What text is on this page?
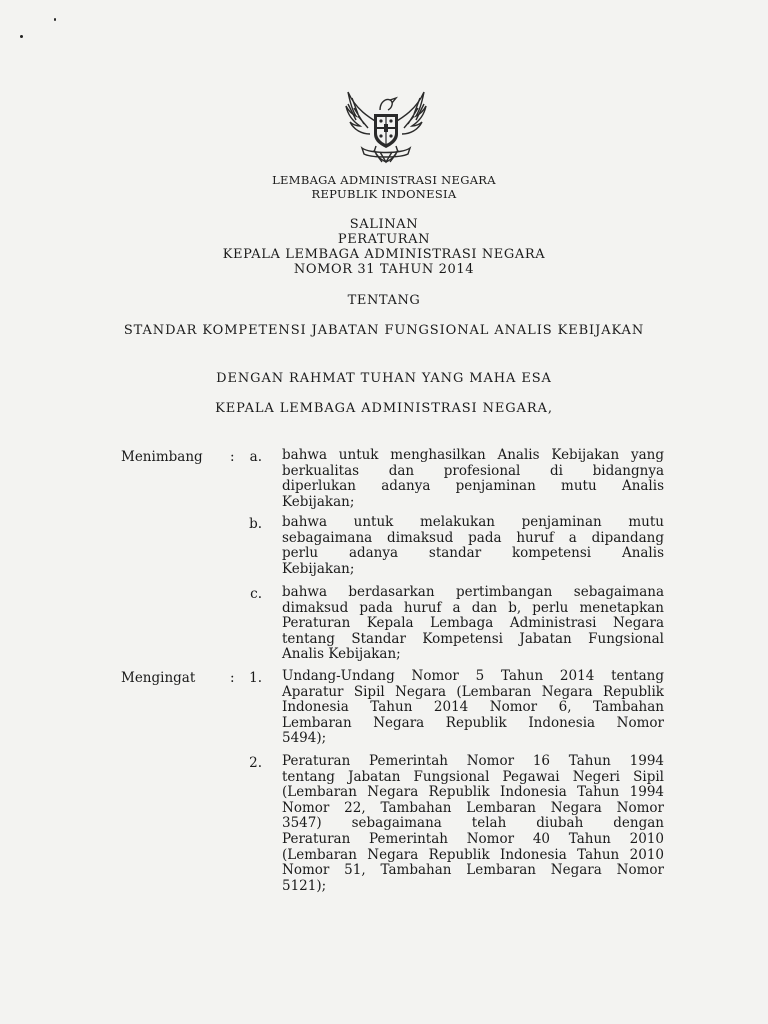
LEMBAGA ADMINISTRASI NEGARA
REPUBLIK INDONESIA
SALINAN
PERATURAN
KEPALA LEMBAGA ADMINISTRASI NEGARA
NOMOR 31 TAHUN 2014
TENTANG
STANDAR KOMPETENSI JABATAN FUNGSIONAL ANALIS KEBIJAKAN
DENGAN RAHMAT TUHAN YANG MAHA ESA
KEPALA LEMBAGA ADMINISTRASI NEGARA,
Menimbang :	a. bahwa untuk menghasilkan Analis Kebijakan yang
berkualitas dan profesional di bidangnya
diperlukan adanya penjaminan mutu Analis
Kebijakan;
b. bahwa untuk melakukan penjaminan mutu
sebagaimana dimaksud pada huruf a dipandang
perlu adanya standar kompetensi Analis
Kebijakan;
c. bahwa berdasarkan pertimbangan sebagaimana
dimaksud pada huruf a dan b, perlu menetapkan
Peraturan Kepala Lembaga Administrasi Negara
tentang Standar Kompetensi Jabatan Fungsional
Analis Kebijakan;
Mengingat	:	1. Undang-Undang Nomor 5 Tahun 2014 tentang
Aparatur Sipil Negara (Lembaran Negara Republik
Indonesia Tahun 2014 Nomor 6, Tambahan
Lembaran Negara Republik Indonesia Nomor
5494);
2. Peraturan Pemerintah Nomor 16 Tahun 1994
tentang Jabatan Fungsional Pegawai Negeri Sipil
(Lembaran Negara Republik Indonesia Tahun 1994
Nomor 22, Tambahan Lembaran Negara Nomor
3547) sebagaimana telah diubah dengan
Peraturan Pemerintah Nomor 40 Tahun 2010
(Lembaran Negara Republik Indonesia Tahun 2010
Nomor 51, Tambahan Lembaran Negara Nomor
5121);
